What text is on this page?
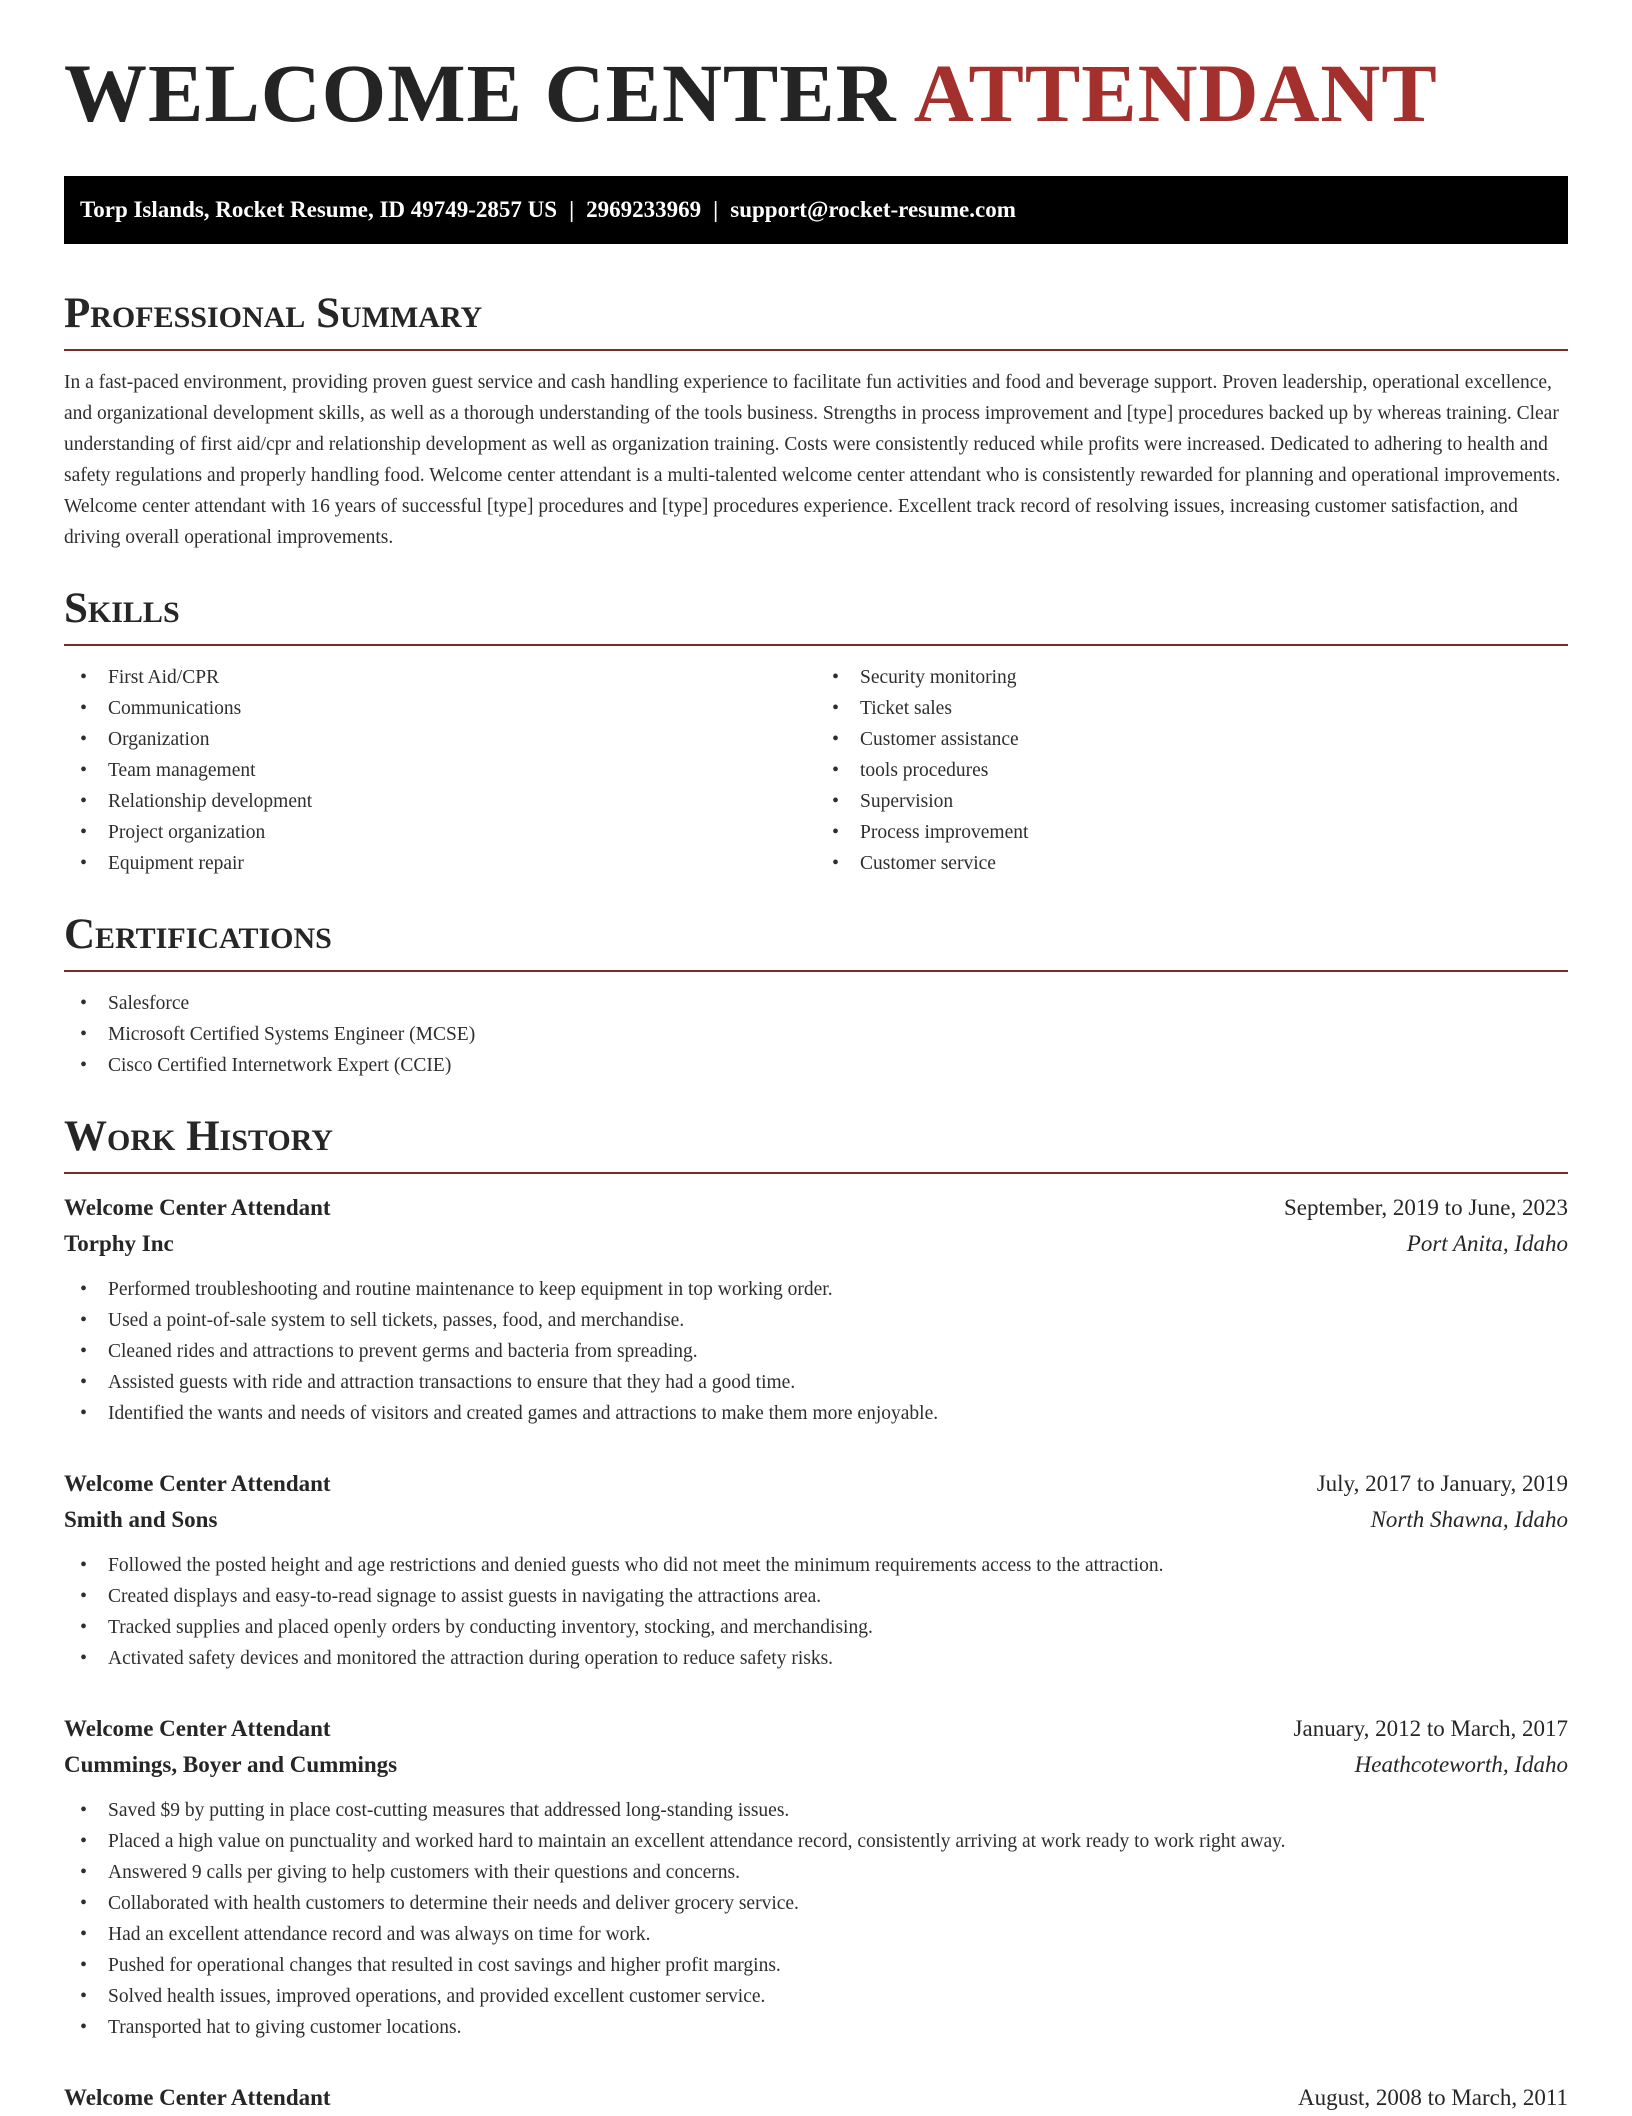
WELCOME CENTER ATTENDANT
Torp Islands, Rocket Resume, ID 49749-2857 US | 2969233969 | support@rocket-resume.com
Professional Summary

In a fast-paced environment, providing proven guest service and cash handling experience to facilitate fun activities and food and beverage support. Proven leadership, operational excellence, and organizational development skills, as well as a thorough understanding of the tools business. Strengths in process improvement and [type] procedures backed up by whereas training. Clear understanding of first aid/cpr and relationship development as well as organization training. Costs were consistently reduced while profits were increased. Dedicated to adhering to health and safety regulations and properly handling food. Welcome center attendant is a multi-talented welcome center attendant who is consistently rewarded for planning and operational improvements. Welcome center attendant with 16 years of successful [type] procedures and [type] procedures experience. Excellent track record of resolving issues, increasing customer satisfaction, and driving overall operational improvements.

Skills
• First Aid/CPR
• Communications
• Organization
• Team management
• Relationship development
• Project organization
• Equipment repair
• Security monitoring
• Ticket sales
• Customer assistance
• tools procedures
• Supervision
• Process improvement
• Customer service
Certifications
• Salesforce
• Microsoft Certified Systems Engineer (MCSE)
• Cisco Certified Internetwork Expert (CCIE)
Work History
Welcome Center Attendant	September, 2019 to June, 2023
Torphy Inc	Port Anita, Idaho
• Performed troubleshooting and routine maintenance to keep equipment in top working order.
• Used a point-of-sale system to sell tickets, passes, food, and merchandise.
• Cleaned rides and attractions to prevent germs and bacteria from spreading.
• Assisted guests with ride and attraction transactions to ensure that they had a good time.
• Identified the wants and needs of visitors and created games and attractions to make them more enjoyable.
Welcome Center Attendant	July, 2017 to January, 2019
Smith and Sons	North Shawna, Idaho
• Followed the posted height and age restrictions and denied guests who did not meet the minimum requirements access to the attraction.
• Created displays and easy-to-read signage to assist guests in navigating the attractions area.
• Tracked supplies and placed openly orders by conducting inventory, stocking, and merchandising.
• Activated safety devices and monitored the attraction during operation to reduce safety risks.
Welcome Center Attendant	January, 2012 to March, 2017
Cummings, Boyer and Cummings	Heathcoteworth, Idaho
• Saved $9 by putting in place cost-cutting measures that addressed long-standing issues.
• Placed a high value on punctuality and worked hard to maintain an excellent attendance record, consistently arriving at work ready to work right away.
• Answered 9 calls per giving to help customers with their questions and concerns.
• Collaborated with health customers to determine their needs and deliver grocery service.
• Had an excellent attendance record and was always on time for work.
• Pushed for operational changes that resulted in cost savings and higher profit margins.
• Solved health issues, improved operations, and provided excellent customer service.
• Transported hat to giving customer locations.
Welcome Center Attendant	August, 2008 to March, 2011
